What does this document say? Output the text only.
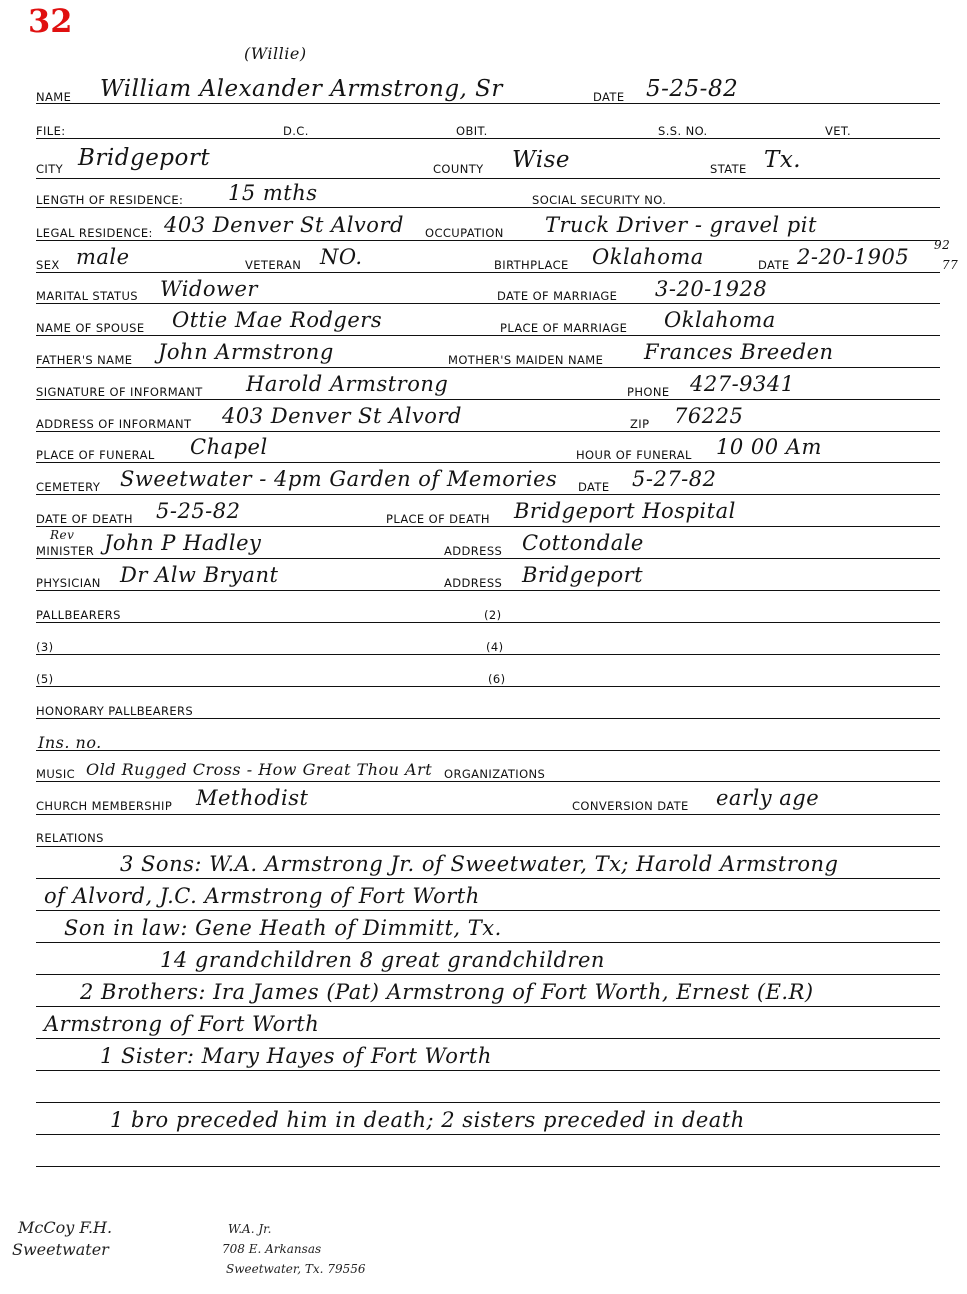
32
(Willie)
NAME William Alexander Armstrong, Sr	DATE 5-25-82
FILE:	D.C.	OBIT.	S.S. NO.	VET.
CITY Bridgeport	COUNTY Wise	STATE Tx.
LENGTH OF RESIDENCE: 15 mths	SOCIAL SECURITY NO.
LEGAL RESIDENCE: 403 Denver St Alvord OCCUPATION Truck Driver - gravel pit
SEX male	VETERAN NO.	BIRTHPLACE Oklahoma	DATE 2-20-1905 92
77
MARITAL STATUS Widower	DATE OF MARRIAGE 3-20-1928
NAME OF SPOUSE Ottie Mae Rodgers	PLACE OF MARRIAGE Oklahoma
FATHER'S NAME John Armstrong	MOTHER'S MAIDEN NAME Frances Breeden
SIGNATURE OF INFORMANT Harold Armstrong	PHONE 427-9341
ADDRESS OF INFORMANT 403 Denver St Alvord	ZIP 76225
PLACE OF FUNERAL Chapel	HOUR OF FUNERAL 10 00 Am
CEMETERY Sweetwater - 4pm Garden of Memories DATE 5-27-82
DATE OF DEATH 5-25-82	PLACE OF DEATH Bridgeport Hospital
Rev
MINISTER John P Hadley	ADDRESS Cottondale
PHYSICIAN Dr Alw Bryant	ADDRESS Bridgeport
PALLBEARERS	(2)
(3)	(4)
(5)	(6)
HONORARY PALLBEARERS
Ins. no.
MUSIC Old Rugged Cross - How Great Thou Art ORGANIZATIONS
CHURCH MEMBERSHIP Methodist	CONVERSION DATE early age
RELATIONS
3 Sons: W.A. Armstrong Jr. of Sweetwater, Tx; Harold Armstrong
of Alvord, J.C. Armstrong of Fort Worth
Son in law: Gene Heath of Dimmitt, Tx.
14 grandchildren 8 great grandchildren
2 Brothers: Ira James (Pat) Armstrong of Fort Worth, Ernest (E.R)
Armstrong of Fort Worth
1 Sister: Mary Hayes of Fort Worth
1 bro preceded him in death; 2 sisters preceded in death
McCoy F.H.
Sweetwater
W.A. Jr.
708 E. Arkansas
Sweetwater, Tx. 79556
